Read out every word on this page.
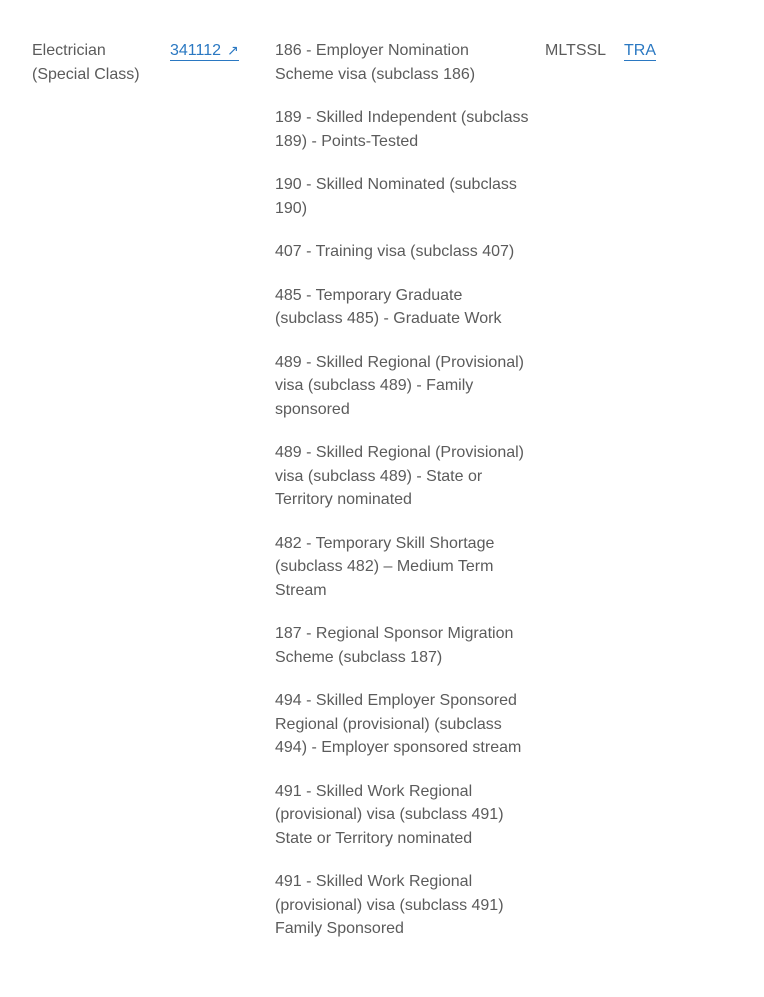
Electrician (Special Class)
341112 ↗	186 - Employer Nomination Scheme visa (subclass 186)
189 - Skilled Independent (subclass 189) - Points-Tested
190 - Skilled Nominated (subclass 190)
407 - Training visa (subclass 407)
485 - Temporary Graduate (subclass 485) - Graduate Work
489 - Skilled Regional (Provisional) visa (subclass 489) - Family sponsored
489 - Skilled Regional (Provisional) visa (subclass 489) - State or Territory nominated
482 - Temporary Skill Shortage (subclass 482) – Medium Term Stream
187 - Regional Sponsor Migration Scheme (subclass 187)
494 - Skilled Employer Sponsored Regional (provisional) (subclass 494) - Employer sponsored stream
491 - Skilled Work Regional (provisional) visa (subclass 491) State or Territory nominated
491 - Skilled Work Regional (provisional) visa (subclass 491) Family Sponsored
MLTSSL TRA
